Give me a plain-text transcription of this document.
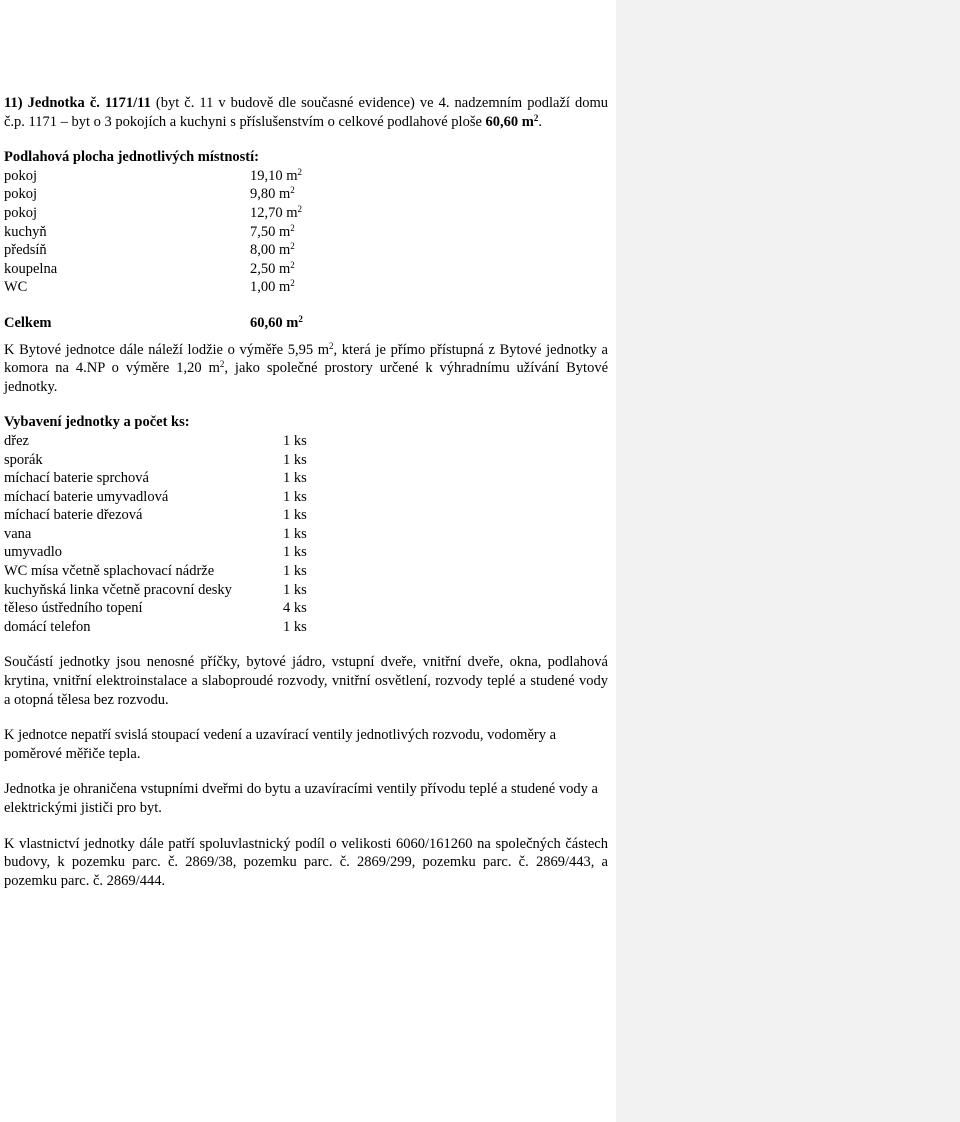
11) Jednotka č. 1171/11 (byt č. 11 v budově dle současné evidence) ve 4. nadzemním podlaží domu č.p. 1171 – byt o 3 pokojích a kuchyni s příslušenstvím o celkové podlahové ploše 60,60 $m^2$.

Podlahová plocha jednotlivých místností:

pokoj	19,10 $m^2$
pokoj	9,80 $m^2$
pokoj	12,70 $m^2$
kuchyň	7,50 $m^2$
předsíň	8,00 $m^2$
koupelna	2,50 $m^2$
WC	1,00 $m^2$
Celkem	60,60 $m^2$

K Bytové jednotce dále náleží lodžie o výměře 5,95 $m^2$, která je přímo přístupná z Bytové jednotky a komora na 4.NP o výměre 1,20 $m^2$, jako společné prostory určené k výhradnímu užívání Bytové jednotky.

Vybavení jednotky a počet ks:

dřez	1 ks
sporák	1 ks
míchací baterie sprchová	1 ks
míchací baterie umyvadlová	1 ks
míchací baterie dřezová	1 ks
vana	1 ks
umyvadlo	1 ks
WC mísa včetně splachovací nádrže	1 ks
kuchyňská linka včetně pracovní desky	1 ks
těleso ústředního topení	4 ks
domácí telefon	1 ks

Součástí jednotky jsou nenosné příčky, bytové jádro, vstupní dveře, vnitřní dveře, okna, podlahová krytina, vnitřní elektroinstalace a slaboproudé rozvody, vnitřní osvětlení, rozvody teplé a studené vody a otopná tělesa bez rozvodu.

K jednotce nepatří svislá stoupací vedení a uzavírací ventily jednotlivých rozvodu, vodoměry a poměrové měřiče tepla.

Jednotka je ohraničena vstupními dveřmi do bytu a uzavíracími ventily přívodu teplé a studené vody a elektrickými jističi pro byt.

K vlastnictví jednotky dále patří spoluvlastnický podíl o velikosti 6060/161260 na společných částech budovy, k pozemku parc. č. 2869/38, pozemku parc. č. 2869/299, pozemku parc. č. 2869/443, a pozemku parc. č. 2869/444.
